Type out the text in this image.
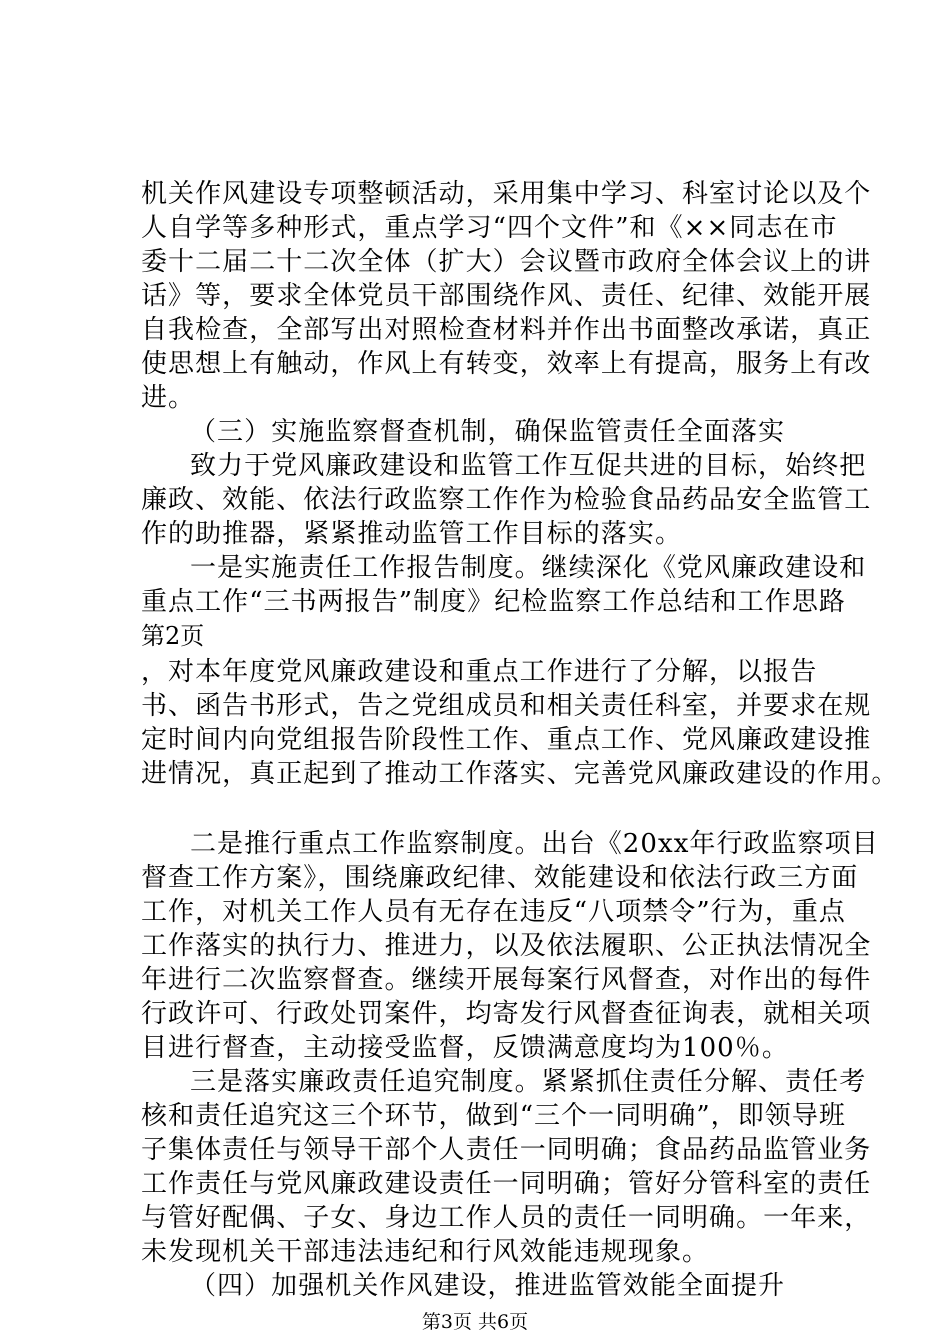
机关作风建设专项整顿活动，采用集中学习、科室讨论以及个
人自学等多种形式，重点学习“四个文件”和《××同志在市
委十二届二十二次全体（扩大）会议暨市政府全体会议上的讲
话》等，要求全体党员干部围绕作风、责任、纪律、效能开展
自我检查，全部写出对照检查材料并作出书面整改承诺，真正
使思想上有触动，作风上有转变，效率上有提高，服务上有改
进。
（三）实施监察督查机制，确保监管责任全面落实
致力于党风廉政建设和监管工作互促共进的目标，始终把
廉政、效能、依法行政监察工作作为检验食品药品安全监管工
作的助推器，紧紧推动监管工作目标的落实。
一是实施责任工作报告制度。继续深化《党风廉政建设和
重点工作“三书两报告”制度》纪检监察工作总结和工作思路
第2页
，对本年度党风廉政建设和重点工作进行了分解，以报告
书、函告书形式，告之党组成员和相关责任科室，并要求在规
定时间内向党组报告阶段性工作、重点工作、党风廉政建设推
进情况，真正起到了推动工作落实、完善党风廉政建设的作用。
二是推行重点工作监察制度。出台《20xx年行政监察项目
督查工作方案》，围绕廉政纪律、效能建设和依法行政三方面
工作，对机关工作人员有无存在违反“八项禁令”行为，重点
工作落实的执行力、推进力，以及依法履职、公正执法情况全
年进行二次监察督查。继续开展每案行风督查，对作出的每件
行政许可、行政处罚案件，均寄发行风督查征询表，就相关项
目进行督查，主动接受监督，反馈满意度均为100％。
三是落实廉政责任追究制度。紧紧抓住责任分解、责任考
核和责任追究这三个环节，做到“三个一同明确”，即领导班
子集体责任与领导干部个人责任一同明确；食品药品监管业务
工作责任与党风廉政建设责任一同明确；管好分管科室的责任
与管好配偶、子女、身边工作人员的责任一同明确。一年来，
未发现机关干部违法违纪和行风效能违规现象。
（四）加强机关作风建设，推进监管效能全面提升
第3页 共6页
